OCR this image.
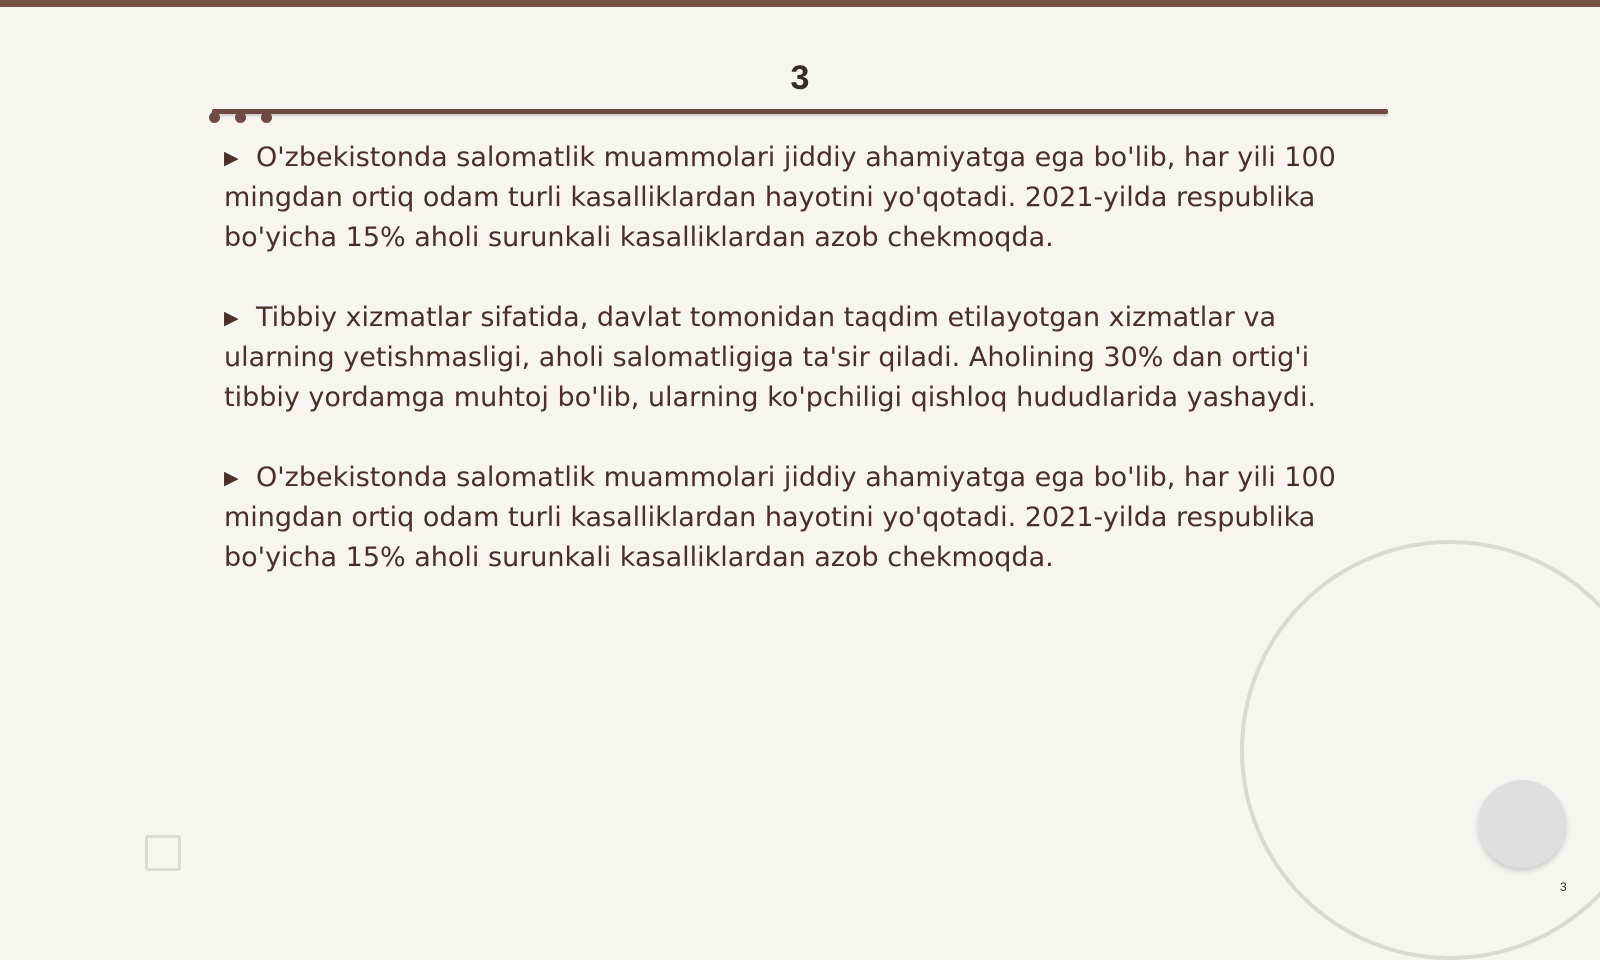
3

▶ O'zbekistonda salomatlik muammolari jiddiy ahamiyatga ega bo'lib, har yili 100 mingdan ortiq odam turli kasalliklardan hayotini yo'qotadi. 2021-yilda respublika bo'yicha 15% aholi surunkali kasalliklardan azob chekmoqda.

▶ Tibbiy xizmatlar sifatida, davlat tomonidan taqdim etilayotgan xizmatlar va ularning yetishmasligi, aholi salomatligiga ta'sir qiladi. Aholining 30% dan ortig'i tibbiy yordamga muhtoj bo'lib, ularning ko'pchiligi qishloq hududlarida yashaydi.

▶ O'zbekistonda salomatlik muammolari jiddiy ahamiyatga ega bo'lib, har yili 100 mingdan ortiq odam turli kasalliklardan hayotini yo'qotadi. 2021-yilda respublika bo'yicha 15% aholi surunkali kasalliklardan azob chekmoqda.

3
